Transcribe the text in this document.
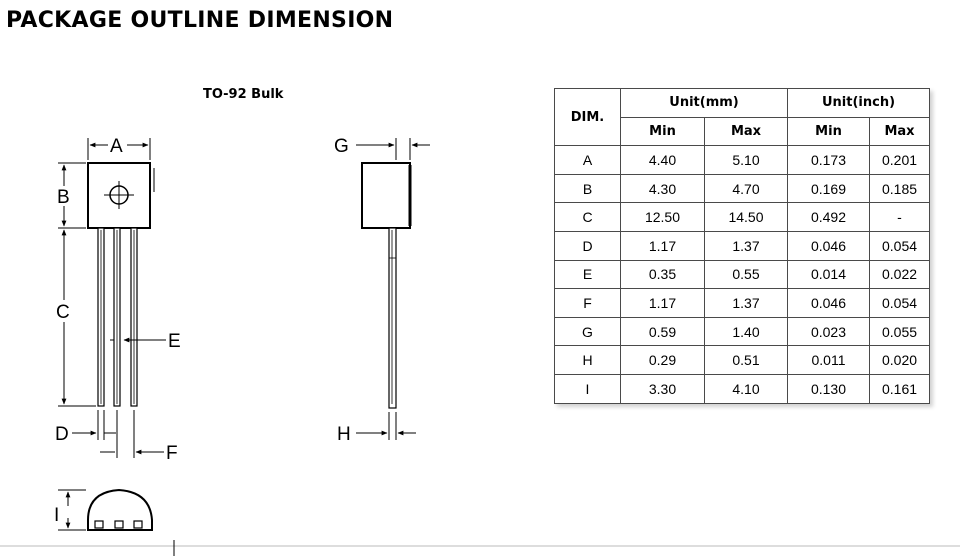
PACKAGE OUTLINE DIMENSION
TO-92 Bulk
A
B
C
D
E
F
G
H
I
DIM.	Unit(mm)		Unit(inch)	
	Min	Max	Min	Max
A	4.40	5.10	0.173	0.201
B	4.30	4.70	0.169	0.185
C	12.50	14.50	0.492	-
D	1.17	1.37	0.046	0.054
E	0.35	0.55	0.014	0.022
F	1.17	1.37	0.046	0.054
G	0.59	1.40	0.023	0.055
H	0.29	0.51	0.011	0.020
I	3.30	4.10	0.130	0.161
